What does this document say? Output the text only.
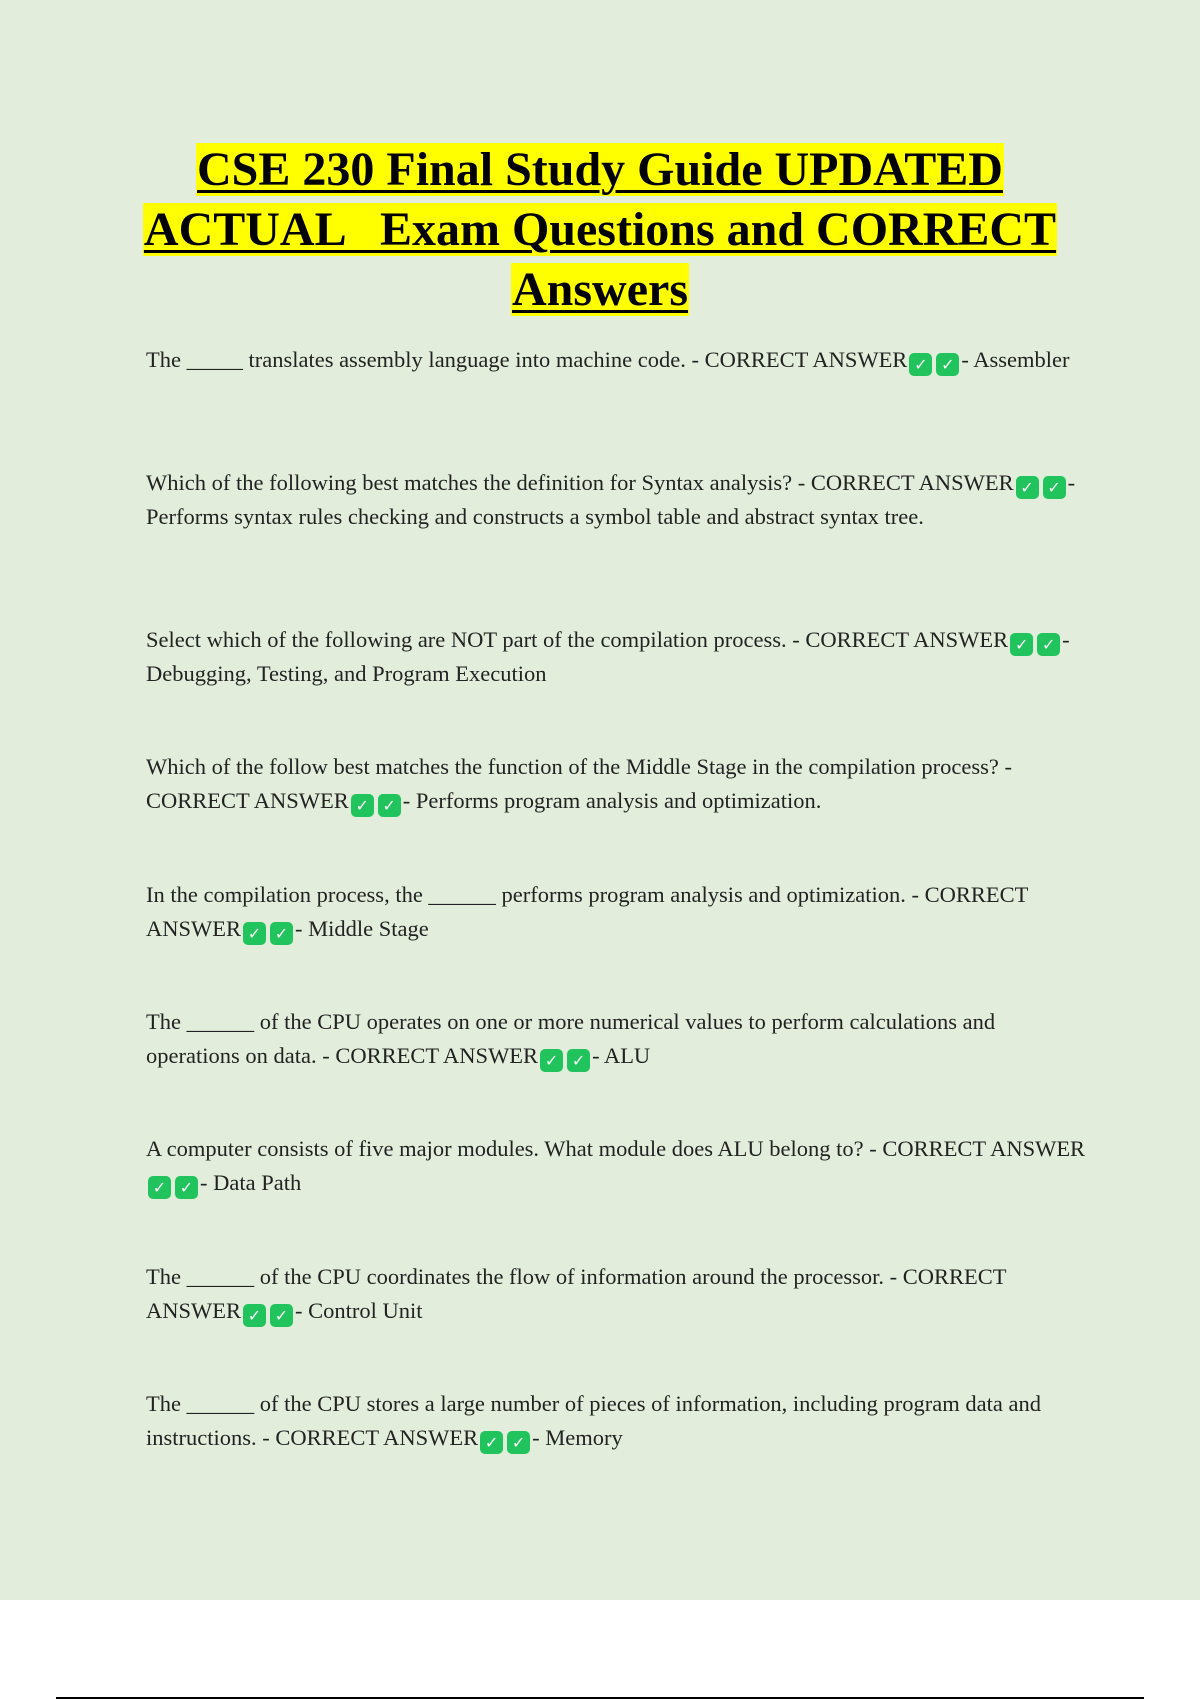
CSE 230 Final Study Guide UPDATED
ACTUAL   Exam Questions and CORRECT
Answers

The _____ translates assembly language into machine code. - CORRECT ANSWER ✓ ✓ - Assembler

Which of the following best matches the definition for Syntax analysis? - CORRECT ANSWER ✓ ✓ - Performs syntax rules checking and constructs a symbol table and abstract syntax tree.

Select which of the following are NOT part of the compilation process. - CORRECT ANSWER ✓ ✓ - Debugging, Testing, and Program Execution

Which of the follow best matches the function of the Middle Stage in the compilation process? - CORRECT ANSWER ✓ ✓ - Performs program analysis and optimization.

In the compilation process, the ______ performs program analysis and optimization. - CORRECT ANSWER ✓ ✓ - Middle Stage

The ______ of the CPU operates on one or more numerical values to perform calculations and operations on data. - CORRECT ANSWER ✓ ✓ - ALU

A computer consists of five major modules. What module does ALU belong to? - CORRECT ANSWER✓ ✓ - Data Path

The ______ of the CPU coordinates the flow of information around the processor. - CORRECT ANSWER ✓ ✓ - Control Unit

The ______ of the CPU stores a large number of pieces of information, including program data and instructions. - CORRECT ANSWER ✓ ✓ - Memory
